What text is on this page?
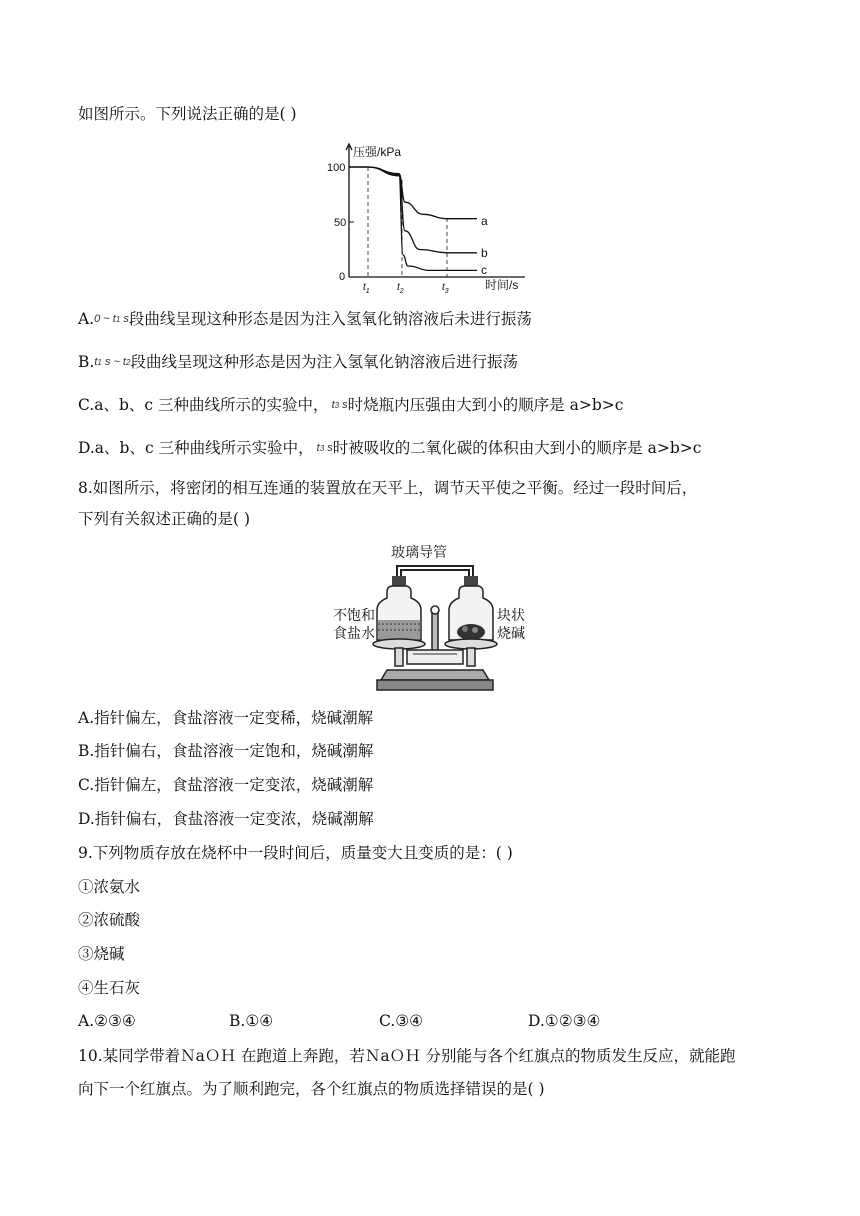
如图所示。下列说法正确的是( )
压强/kPa
100
50
0
$t_1$	$t_2$	$t_3$	时间/s
a
b
c
A.0 ~ $t_1$ s段曲线呈现这种形态是因为注入氢氧化钠溶液后未进行振荡
$B.t_1$ s ~ $t_2$段曲线呈现这种形态是因为注入氢氧化钠溶液后进行振荡
C.a、b、c 三种曲线所示的实验中， $t_3$ s时烧瓶内压强由大到小的顺序是 a>b>c
D.a、b、c 三种曲线所示实验中， $t_3$ s时被吸收的二氧化碳的体积由大到小的顺序是 a>b>c
8.如图所示，将密闭的相互连通的装置放在天平上，调节天平使之平衡。经过一段时间后，
下列有关叙述正确的是( )
玻璃导管
不饱和
食盐水
块状
烧碱
A.指针偏左，食盐溶液一定变稀，烧碱潮解
B.指针偏右，食盐溶液一定饱和，烧碱潮解
C.指针偏左，食盐溶液一定变浓，烧碱潮解
D.指针偏右，食盐溶液一定变浓，烧碱潮解
9.下列物质存放在烧杯中一段时间后，质量变大且变质的是：( )
①浓氨水
②浓硫酸
③烧碱
④生石灰
A.②③④	B.①④	C.③④	D.①②③④
10.某同学带着ＮaＯＨ 在跑道上奔跑，若ＮaＯＨ 分别能与各个红旗点的物质发生反应，就能跑
向下一个红旗点。为了顺利跑完，各个红旗点的物质选择错误的是( )
